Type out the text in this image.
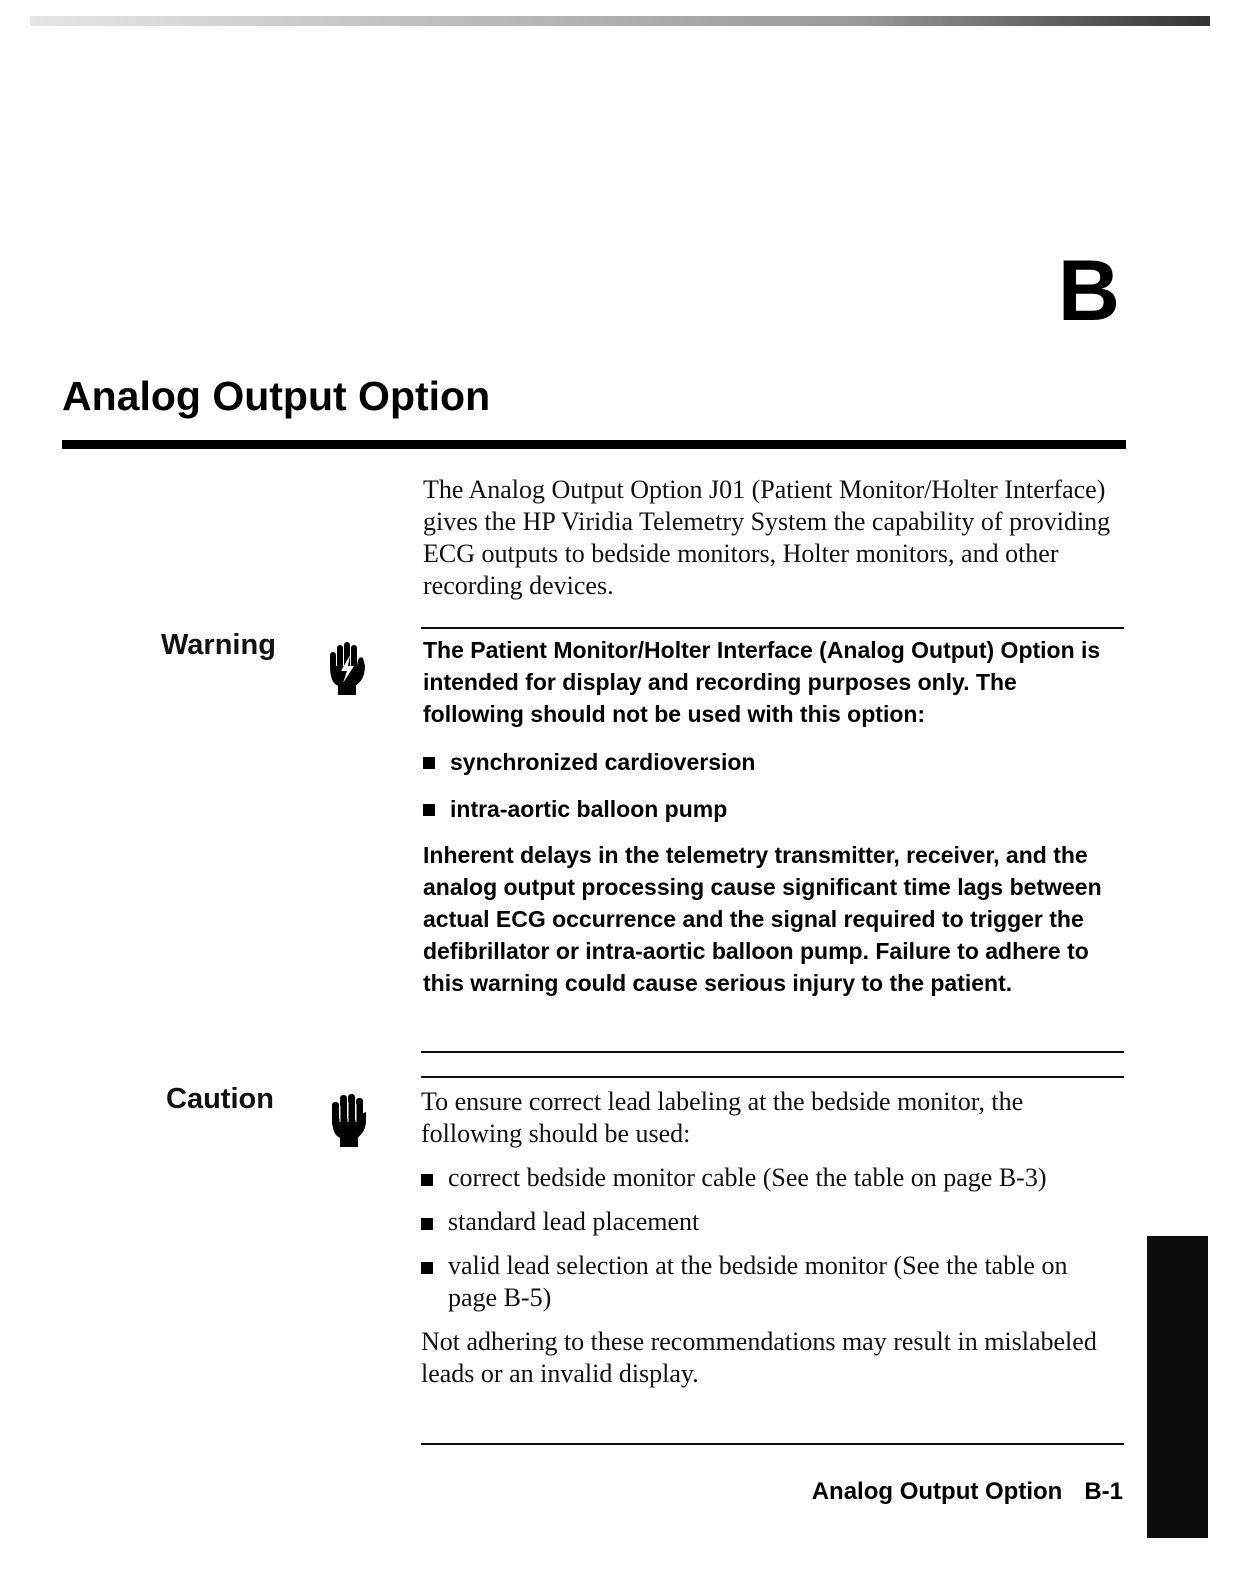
B
Analog Output Option

The Analog Output Option J01 (Patient Monitor/Holter Interface) gives the HP Viridia Telemetry System the capability of providing ECG outputs to bedside monitors, Holter monitors, and other recording devices.

Warning	The Patient Monitor/Holter Interface (Analog Output) Option is intended for display and recording purposes only. The following should not be used with this option:

synchronized cardioversion
intra-aortic balloon pump

Inherent delays in the telemetry transmitter, receiver, and the analog output processing cause significant time lags between actual ECG occurrence and the signal required to trigger the defibrillator or intra-aortic balloon pump. Failure to adhere to this warning could cause serious injury to the patient.

Caution	To ensure correct lead labeling at the bedside monitor, the following should be used:

correct bedside monitor cable (See the table on page B-3)
standard lead placement
valid lead selection at the bedside monitor (See the table on page B-5)

Not adhering to these recommendations may result in mislabeled leads or an invalid display.

Analog Output Option B-1	Analog Output Option
